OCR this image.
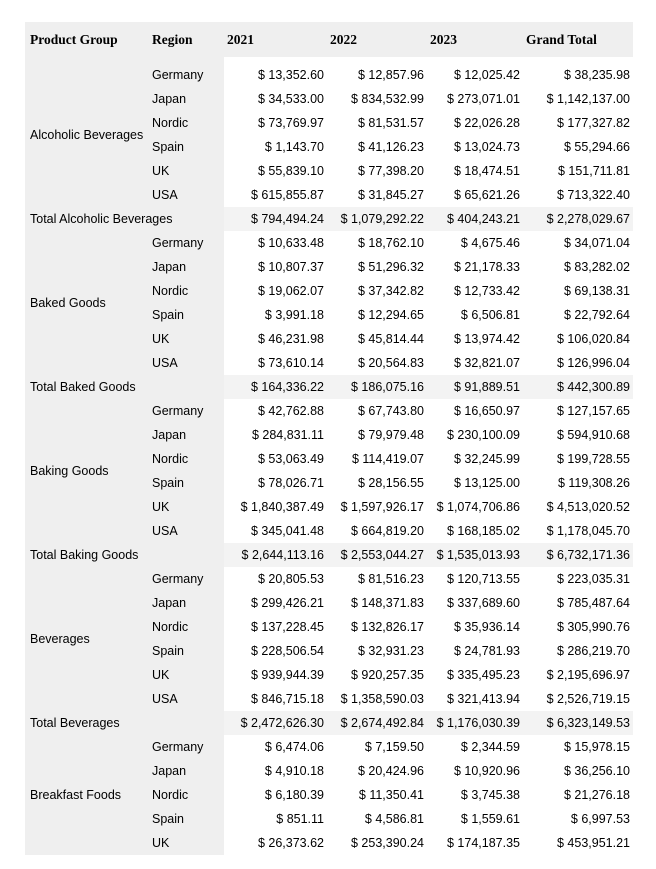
Product Group	Region	2021	2022	2023	Grand Total

Alcoholic Beverages	Germany	$ 13,352.60	$ 12,857.96	$ 12,025.42	$ 38,235.98
	Japan	$ 34,533.00	$ 834,532.99	$ 273,071.01	$ 1,142,137.00
	Nordic	$ 73,769.97	$ 81,531.57	$ 22,026.28	$ 177,327.82
	Spain	$ 1,143.70	$ 41,126.23	$ 13,024.73	$ 55,294.66
	UK	$ 55,839.10	$ 77,398.20	$ 18,474.51	$ 151,711.81
	USA	$ 615,855.87	$ 31,845.27	$ 65,621.26	$ 713,322.40
Total Alcoholic Beverages		$ 794,494.24	$ 1,079,292.22	$ 404,243.21	$ 2,278,029.67
Baked Goods	Germany	$ 10,633.48	$ 18,762.10	$ 4,675.46	$ 34,071.04
	Japan	$ 10,807.37	$ 51,296.32	$ 21,178.33	$ 83,282.02
	Nordic	$ 19,062.07	$ 37,342.82	$ 12,733.42	$ 69,138.31
	Spain	$ 3,991.18	$ 12,294.65	$ 6,506.81	$ 22,792.64
	UK	$ 46,231.98	$ 45,814.44	$ 13,974.42	$ 106,020.84
	USA	$ 73,610.14	$ 20,564.83	$ 32,821.07	$ 126,996.04
Total Baked Goods		$ 164,336.22	$ 186,075.16	$ 91,889.51	$ 442,300.89
Baking Goods	Germany	$ 42,762.88	$ 67,743.80	$ 16,650.97	$ 127,157.65
	Japan	$ 284,831.11	$ 79,979.48	$ 230,100.09	$ 594,910.68
	Nordic	$ 53,063.49	$ 114,419.07	$ 32,245.99	$ 199,728.55
	Spain	$ 78,026.71	$ 28,156.55	$ 13,125.00	$ 119,308.26
	UK	$ 1,840,387.49	$ 1,597,926.17	$ 1,074,706.86	$ 4,513,020.52
	USA	$ 345,041.48	$ 664,819.20	$ 168,185.02	$ 1,178,045.70
Total Baking Goods		$ 2,644,113.16	$ 2,553,044.27	$ 1,535,013.93	$ 6,732,171.36
Beverages	Germany	$ 20,805.53	$ 81,516.23	$ 120,713.55	$ 223,035.31
	Japan	$ 299,426.21	$ 148,371.83	$ 337,689.60	$ 785,487.64
	Nordic	$ 137,228.45	$ 132,826.17	$ 35,936.14	$ 305,990.76
	Spain	$ 228,506.54	$ 32,931.23	$ 24,781.93	$ 286,219.70
	UK	$ 939,944.39	$ 920,257.35	$ 335,495.23	$ 2,195,696.97
	USA	$ 846,715.18	$ 1,358,590.03	$ 321,413.94	$ 2,526,719.15
Total Beverages		$ 2,472,626.30	$ 2,674,492.84	$ 1,176,030.39	$ 6,323,149.53
Breakfast Foods	Germany	$ 6,474.06	$ 7,159.50	$ 2,344.59	$ 15,978.15
	Japan	$ 4,910.18	$ 20,424.96	$ 10,920.96	$ 36,256.10
	Nordic	$ 6,180.39	$ 11,350.41	$ 3,745.38	$ 21,276.18
	Spain	$ 851.11	$ 4,586.81	$ 1,559.61	$ 6,997.53
	UK	$ 26,373.62	$ 253,390.24	$ 174,187.35	$ 453,951.21
